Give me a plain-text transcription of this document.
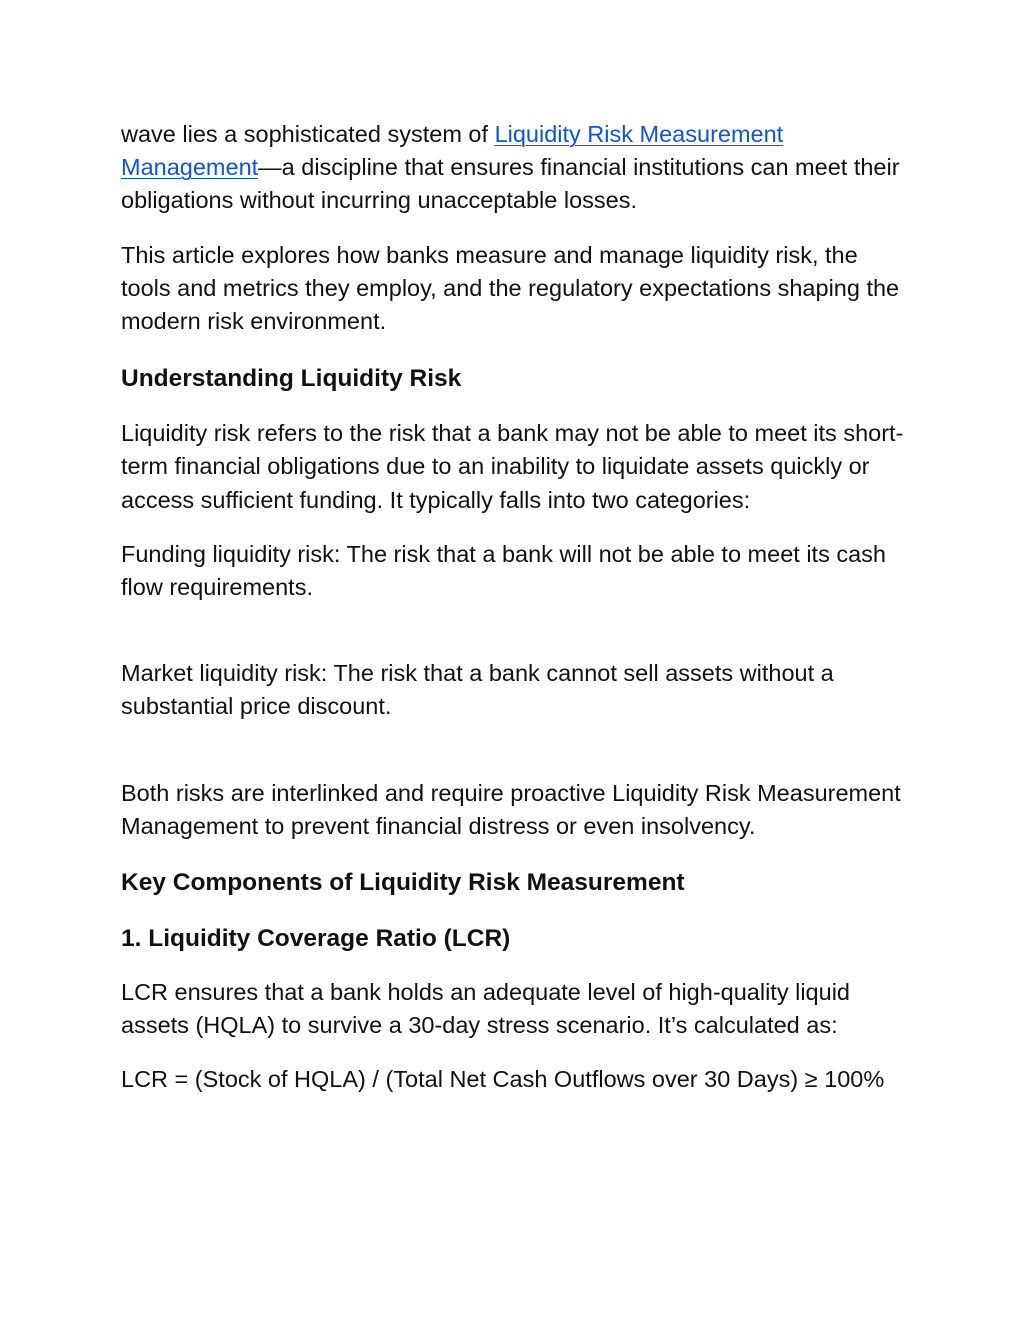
wave lies a sophisticated system of Liquidity Risk Measurement Management—a discipline that ensures financial institutions can meet their obligations without incurring unacceptable losses.

This article explores how banks measure and manage liquidity risk, the tools and metrics they employ, and the regulatory expectations shaping the modern risk environment.

Understanding Liquidity Risk

Liquidity risk refers to the risk that a bank may not be able to meet its short-term financial obligations due to an inability to liquidate assets quickly or access sufficient funding. It typically falls into two categories:

Funding liquidity risk: The risk that a bank will not be able to meet its cash flow requirements.

Market liquidity risk: The risk that a bank cannot sell assets without a substantial price discount.

Both risks are interlinked and require proactive Liquidity Risk Measurement Management to prevent financial distress or even insolvency.

Key Components of Liquidity Risk Measurement
1. Liquidity Coverage Ratio (LCR)

LCR ensures that a bank holds an adequate level of high-quality liquid assets (HQLA) to survive a 30-day stress scenario. It’s calculated as:

LCR = (Stock of HQLA) / (Total Net Cash Outflows over 30 Days) ≥ 100%
